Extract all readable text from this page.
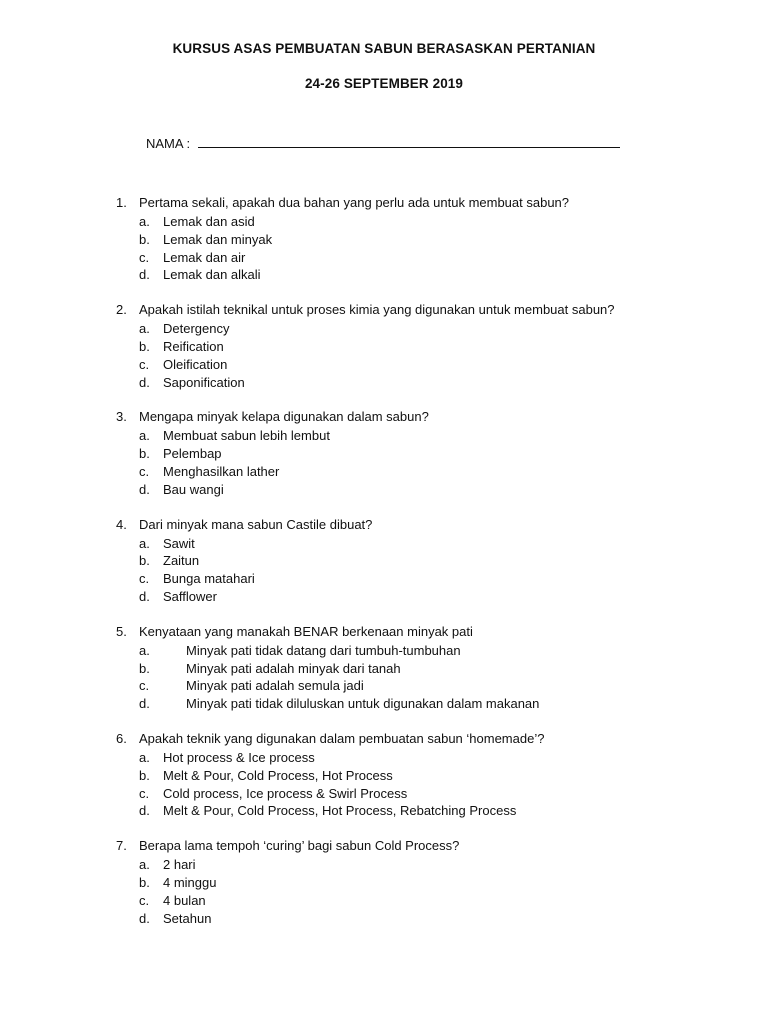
KURSUS ASAS PEMBUATAN SABUN BERASASKAN PERTANIAN
24-26 SEPTEMBER 2019
NAMA :
1. Pertama sekali, apakah dua bahan yang perlu ada untuk membuat sabun?
a. Lemak dan asid
b. Lemak dan minyak
c. Lemak dan air
d. Lemak dan alkali
2. Apakah istilah teknikal untuk proses kimia yang digunakan untuk membuat sabun?
a. Detergency
b. Reification
c. Oleification
d. Saponification
3. Mengapa minyak kelapa digunakan dalam sabun?
a. Membuat sabun lebih lembut
b. Pelembap
c. Menghasilkan lather
d. Bau wangi
4. Dari minyak mana sabun Castile dibuat?
a. Sawit
b. Zaitun
c. Bunga matahari
d. Safflower
5. Kenyataan yang manakah BENAR berkenaan minyak pati
a.	Minyak pati tidak datang dari tumbuh-tumbuhan
b.	Minyak pati adalah minyak dari tanah
c.	Minyak pati adalah semula jadi
d.	Minyak pati tidak diluluskan untuk digunakan dalam makanan
6. Apakah teknik yang digunakan dalam pembuatan sabun ‘homemade’?
a. Hot process & Ice process
b. Melt & Pour, Cold Process, Hot Process
c. Cold process, Ice process & Swirl Process
d. Melt & Pour, Cold Process, Hot Process, Rebatching Process
7. Berapa lama tempoh ‘curing’ bagi sabun Cold Process?
a. 2 hari
b. 4 minggu
c. 4 bulan
d. Setahun
